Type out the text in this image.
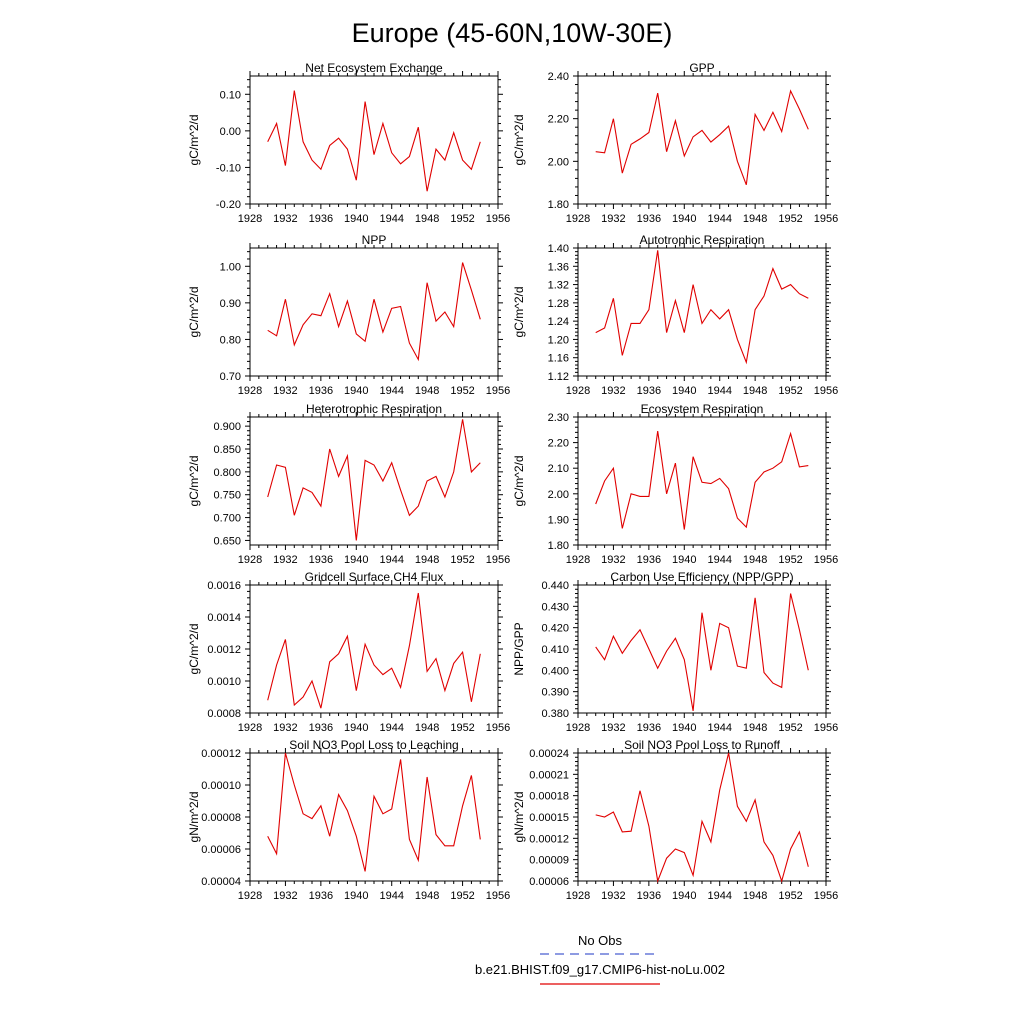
Europe (45-60N,10W-30E)
Net Ecosystem Exchange
1928 1932 1936 1940 1944 1948 1952 1956
-0.20
-0.10
0.00
0.10
gC/m^2/d
GPP
1928 1932 1936 1940 1944 1948 1952 1956
1.80
2.00
2.20
2.40
gC/m^2/d
NPP
1928 1932 1936 1940 1944 1948 1952 1956
0.70
0.80
0.90
1.00
gC/m^2/d
Autotrophic Respiration
1928 1932 1936 1940 1944 1948 1952 1956
1.12
1.16
1.20
1.24
1.28
1.32
1.36
1.40
gC/m^2/d
Heterotrophic Respiration
1928 1932 1936 1940 1944 1948 1952 1956
0.650
0.700
0.750
0.800
0.850
0.900
gC/m^2/d
Ecosystem Respiration
1928 1932 1936 1940 1944 1948 1952 1956
1.80
1.90
2.00
2.10
2.20
2.30
gC/m^2/d
Gridcell Surface CH4 Flux
1928 1932 1936 1940 1944 1948 1952 1956
0.0008
0.0010
0.0012
0.0014
0.0016
gC/m^2/d
Carbon Use Efficiency (NPP/GPP)
1928 1932 1936 1940 1944 1948 1952 1956
0.380
0.390
0.400
0.410
0.420
0.430
0.440
NPP/GPP
Soil NO3 Pool Loss to Leaching
1928 1932 1936 1940 1944 1948 1952 1956
0.00004
0.00006
0.00008
0.00010
0.00012
gN/m^2/d
Soil NO3 Pool Loss to Runoff
1928 1932 1936 1940 1944 1948 1952 1956
0.00006
0.00009
0.00012
0.00015
0.00018
0.00021
0.00024
gN/m^2/d
No Obs
b.e21.BHIST.f09_g17.CMIP6-hist-noLu.002
